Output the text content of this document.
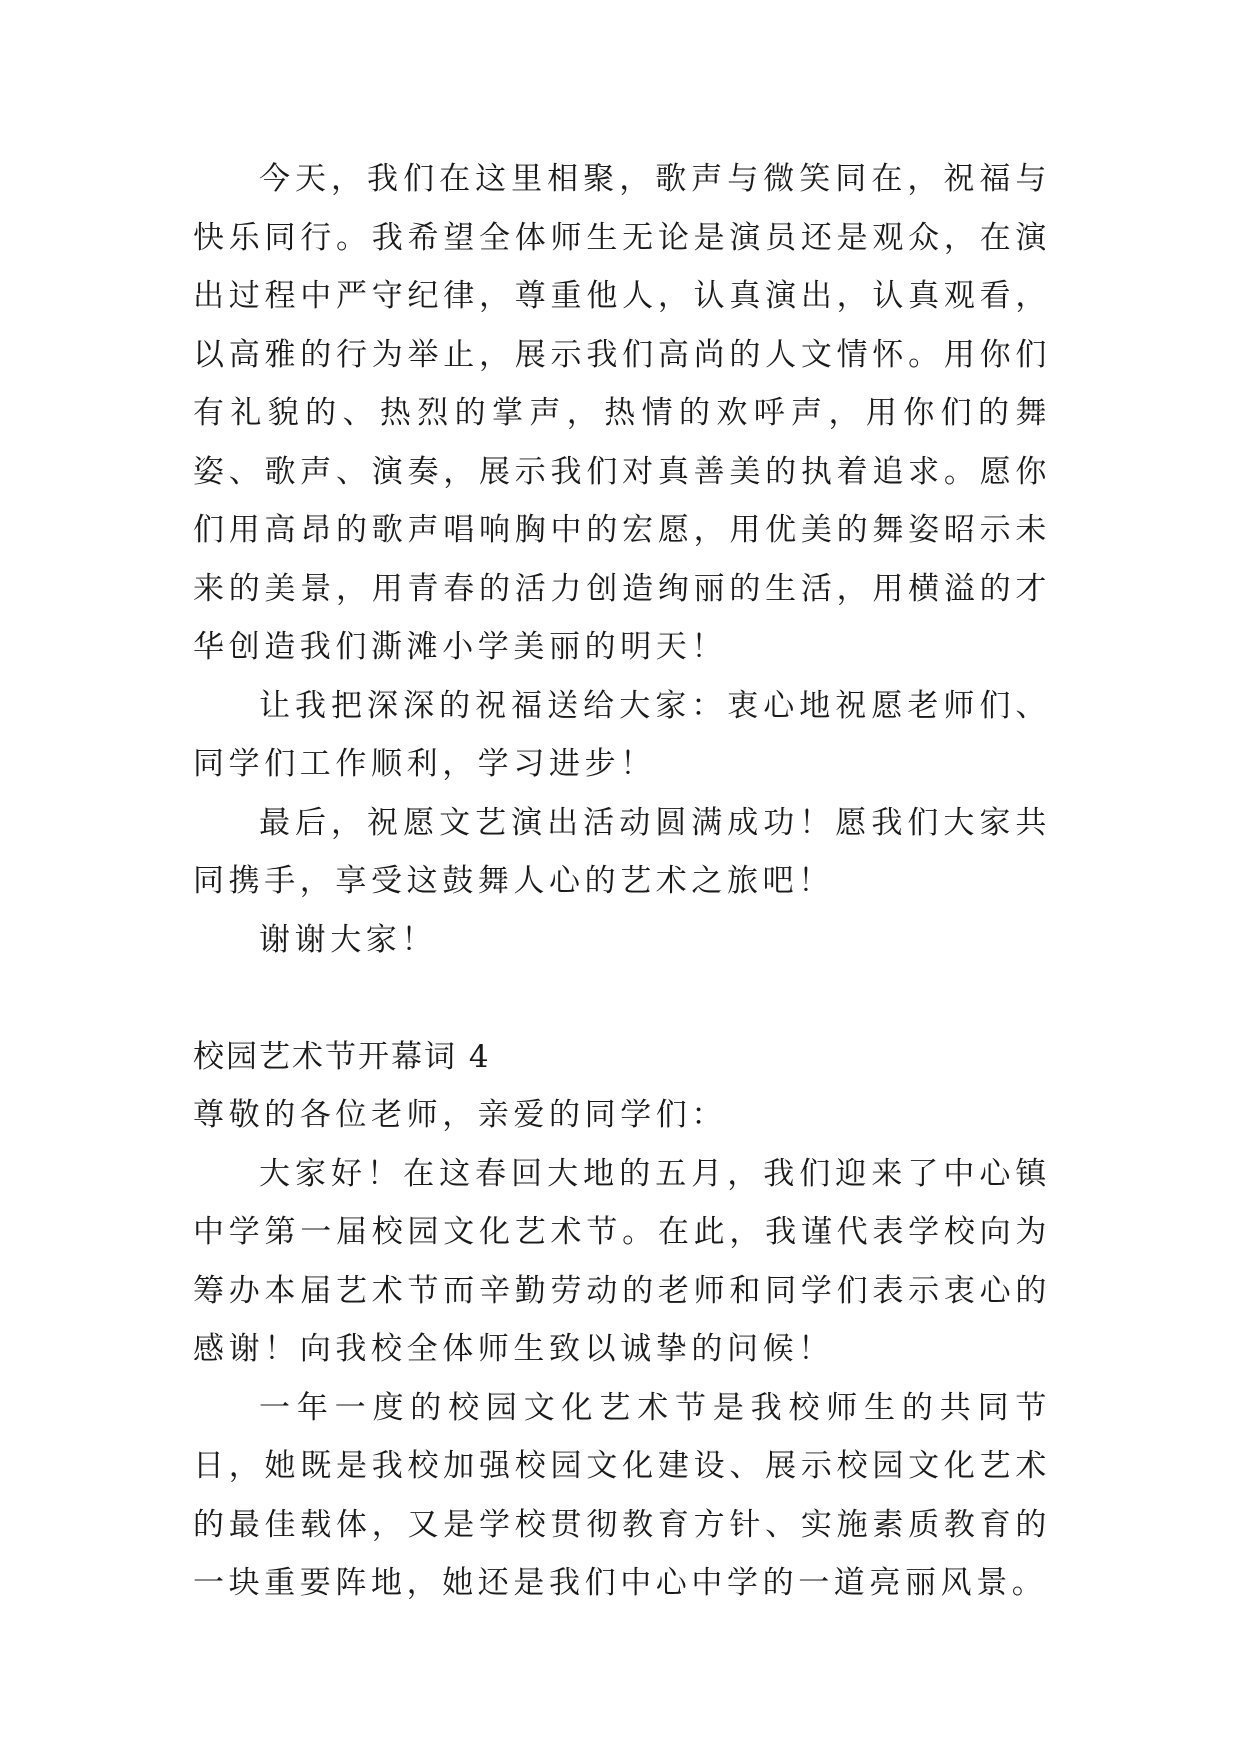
今天，我们在这里相聚，歌声与微笑同在，祝福与快乐同行。我希望全体师生无论是演员还是观众，在演出过程中严守纪律，尊重他人，认真演出，认真观看，以高雅的行为举止，展示我们高尚的人文情怀。用你们有礼貌的、热烈的掌声，热情的欢呼声，用你们的舞姿、歌声、演奏，展示我们对真善美的执着追求。愿你们用高昂的歌声唱响胸中的宏愿，用优美的舞姿昭示未来的美景，用青春的活力创造绚丽的生活，用横溢的才华创造我们澌滩小学美丽的明天！

让我把深深的祝福送给大家：衷心地祝愿老师们、同学们工作顺利，学习进步！

最后，祝愿文艺演出活动圆满成功！愿我们大家共同携手，享受这鼓舞人心的艺术之旅吧！

谢谢大家！

校园艺术节开幕词 4

尊敬的各位老师，亲爱的同学们：

大家好！在这春回大地的五月，我们迎来了中心镇中学第一届校园文化艺术节。在此，我谨代表学校向为筹办本届艺术节而辛勤劳动的老师和同学们表示衷心的感谢！向我校全体师生致以诚挚的问候！

一年一度的校园文化艺术节是我校师生的共同节日，她既是我校加强校园文化建设、展示校园文化艺术的最佳载体，又是学校贯彻教育方针、实施素质教育的一块重要阵地，她还是我们中心中学的一道亮丽风景。
